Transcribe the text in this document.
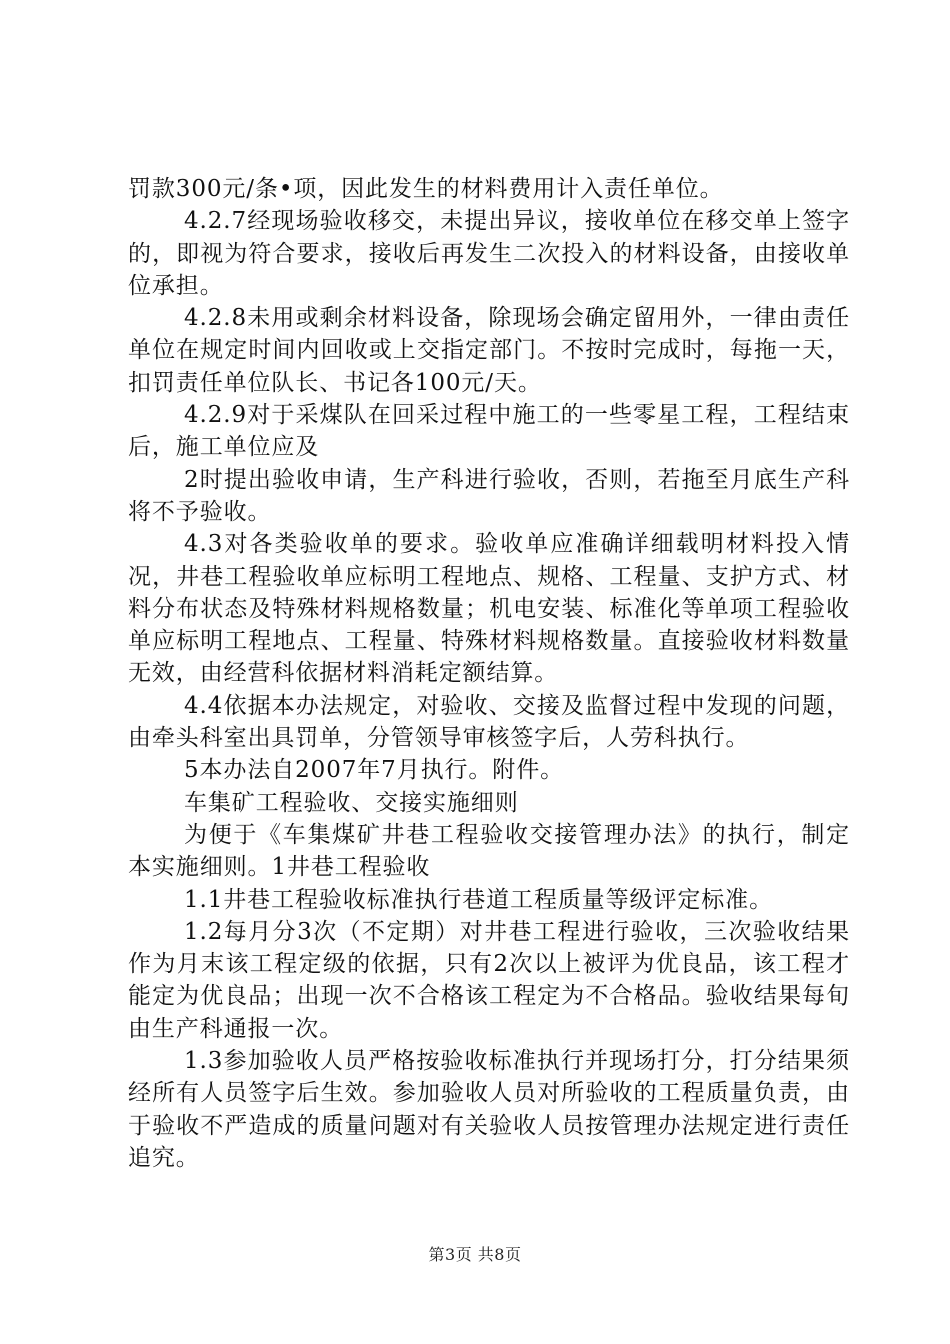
罚款300元/条•项，因此发生的材料费用计入责任单位。

4.2.7经现场验收移交，未提出异议，接收单位在移交单上签字的，即视为符合要求，接收后再发生二次投入的材料设备，由接收单位承担。

4.2.8未用或剩余材料设备，除现场会确定留用外，一律由责任单位在规定时间内回收或上交指定部门。不按时完成时，每拖一天，扣罚责任单位队长、书记各100元/天。

4.2.9对于采煤队在回采过程中施工的一些零星工程，工程结束后，施工单位应及

2时提出验收申请，生产科进行验收，否则，若拖至月底生产科将不予验收。

4.3对各类验收单的要求。验收单应准确详细载明材料投入情况，井巷工程验收单应标明工程地点、规格、工程量、支护方式、材料分布状态及特殊材料规格数量；机电安装、标准化等单项工程验收单应标明工程地点、工程量、特殊材料规格数量。直接验收材料数量无效，由经营科依据材料消耗定额结算。

4.4依据本办法规定，对验收、交接及监督过程中发现的问题，由牵头科室出具罚单，分管领导审核签字后，人劳科执行。

5本办法自2007年7月执行。附件。

车集矿工程验收、交接实施细则

为便于《车集煤矿井巷工程验收交接管理办法》的执行，制定本实施细则。1井巷工程验收

1.1井巷工程验收标准执行巷道工程质量等级评定标准。

1.2每月分3次（不定期）对井巷工程进行验收，三次验收结果作为月末该工程定级的依据，只有2次以上被评为优良品，该工程才能定为优良品；出现一次不合格该工程定为不合格品。验收结果每旬由生产科通报一次。

1.3参加验收人员严格按验收标准执行并现场打分，打分结果须经所有人员签字后生效。参加验收人员对所验收的工程质量负责，由于验收不严造成的质量问题对有关验收人员按管理办法规定进行责任追究。

第3页 共8页
